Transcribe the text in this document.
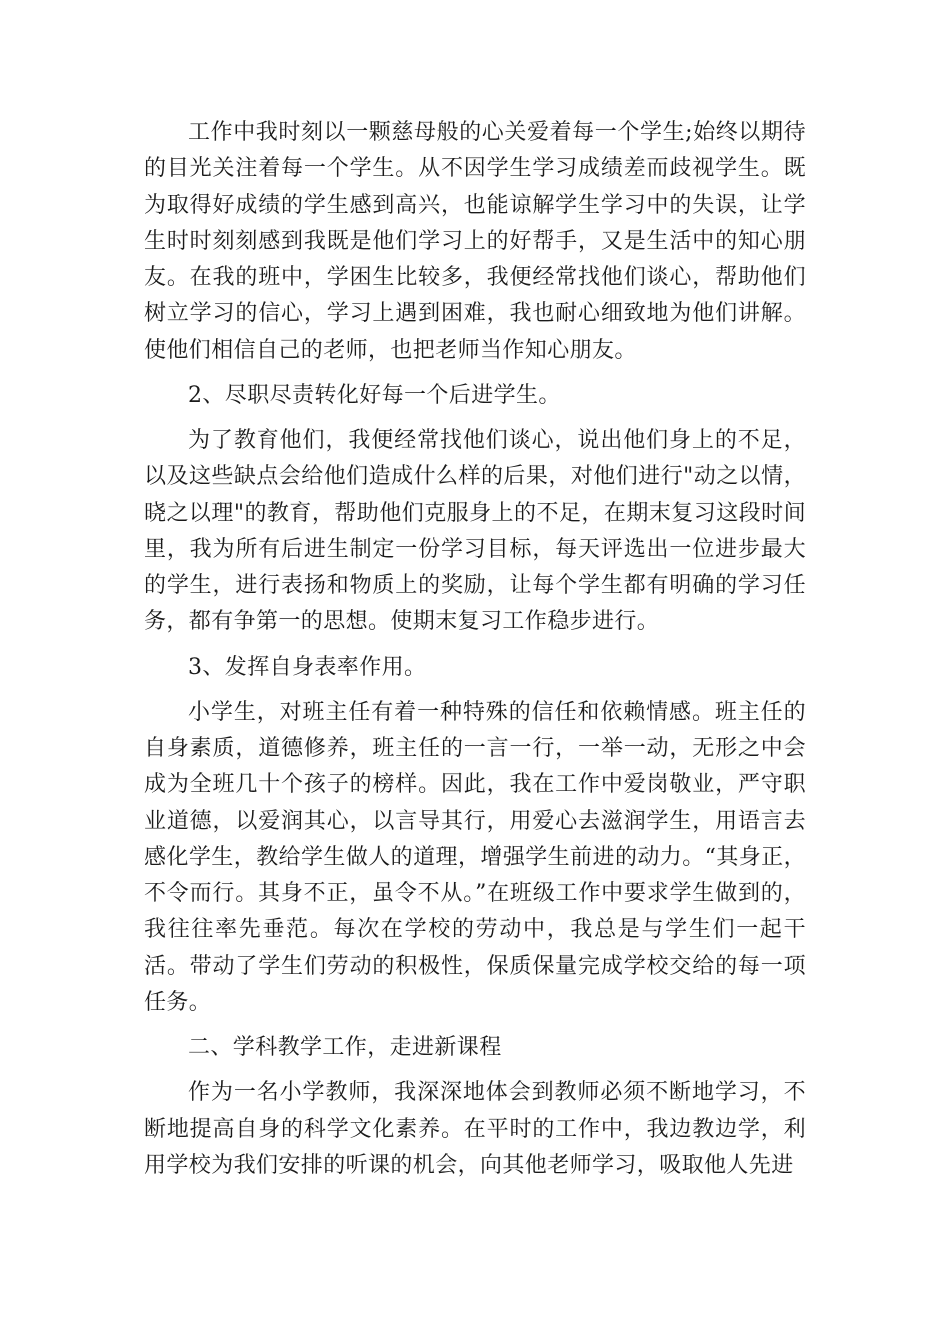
工作中我时刻以一颗慈母般的心关爱着每一个学生;始终以期待的目光关注着每一个学生。从不因学生学习成绩差而歧视学生。既为取得好成绩的学生感到高兴，也能谅解学生学习中的失误，让学生时时刻刻感到我既是他们学习上的好帮手，又是生活中的知心朋友。在我的班中，学困生比较多，我便经常找他们谈心，帮助他们树立学习的信心，学习上遇到困难，我也耐心细致地为他们讲解。使他们相信自己的老师，也把老师当作知心朋友。

2、尽职尽责转化好每一个后进学生。

为了教育他们，我便经常找他们谈心，说出他们身上的不足，以及这些缺点会给他们造成什么样的后果，对他们进行"动之以情，晓之以理"的教育，帮助他们克服身上的不足，在期末复习这段时间里，我为所有后进生制定一份学习目标，每天评选出一位进步最大的学生，进行表扬和物质上的奖励，让每个学生都有明确的学习任务，都有争第一的思想。使期末复习工作稳步进行。

3、发挥自身表率作用。

小学生，对班主任有着一种特殊的信任和依赖情感。班主任的自身素质，道德修养，班主任的一言一行，一举一动，无形之中会成为全班几十个孩子的榜样。因此，我在工作中爱岗敬业，严守职业道德，以爱润其心，以言导其行，用爱心去滋润学生，用语言去感化学生，教给学生做人的道理，增强学生前进的动力。“其身正，不令而行。其身不正，虽令不从。”在班级工作中要求学生做到的，我往往率先垂范。每次在学校的劳动中，我总是与学生们一起干活。带动了学生们劳动的积极性，保质保量完成学校交给的每一项任务。

二、学科教学工作，走进新课程

作为一名小学教师，我深深地体会到教师必须不断地学习，不断地提高自身的科学文化素养。在平时的工作中，我边教边学，利用学校为我们安排的听课的机会，向其他老师学习，吸取他人先进
